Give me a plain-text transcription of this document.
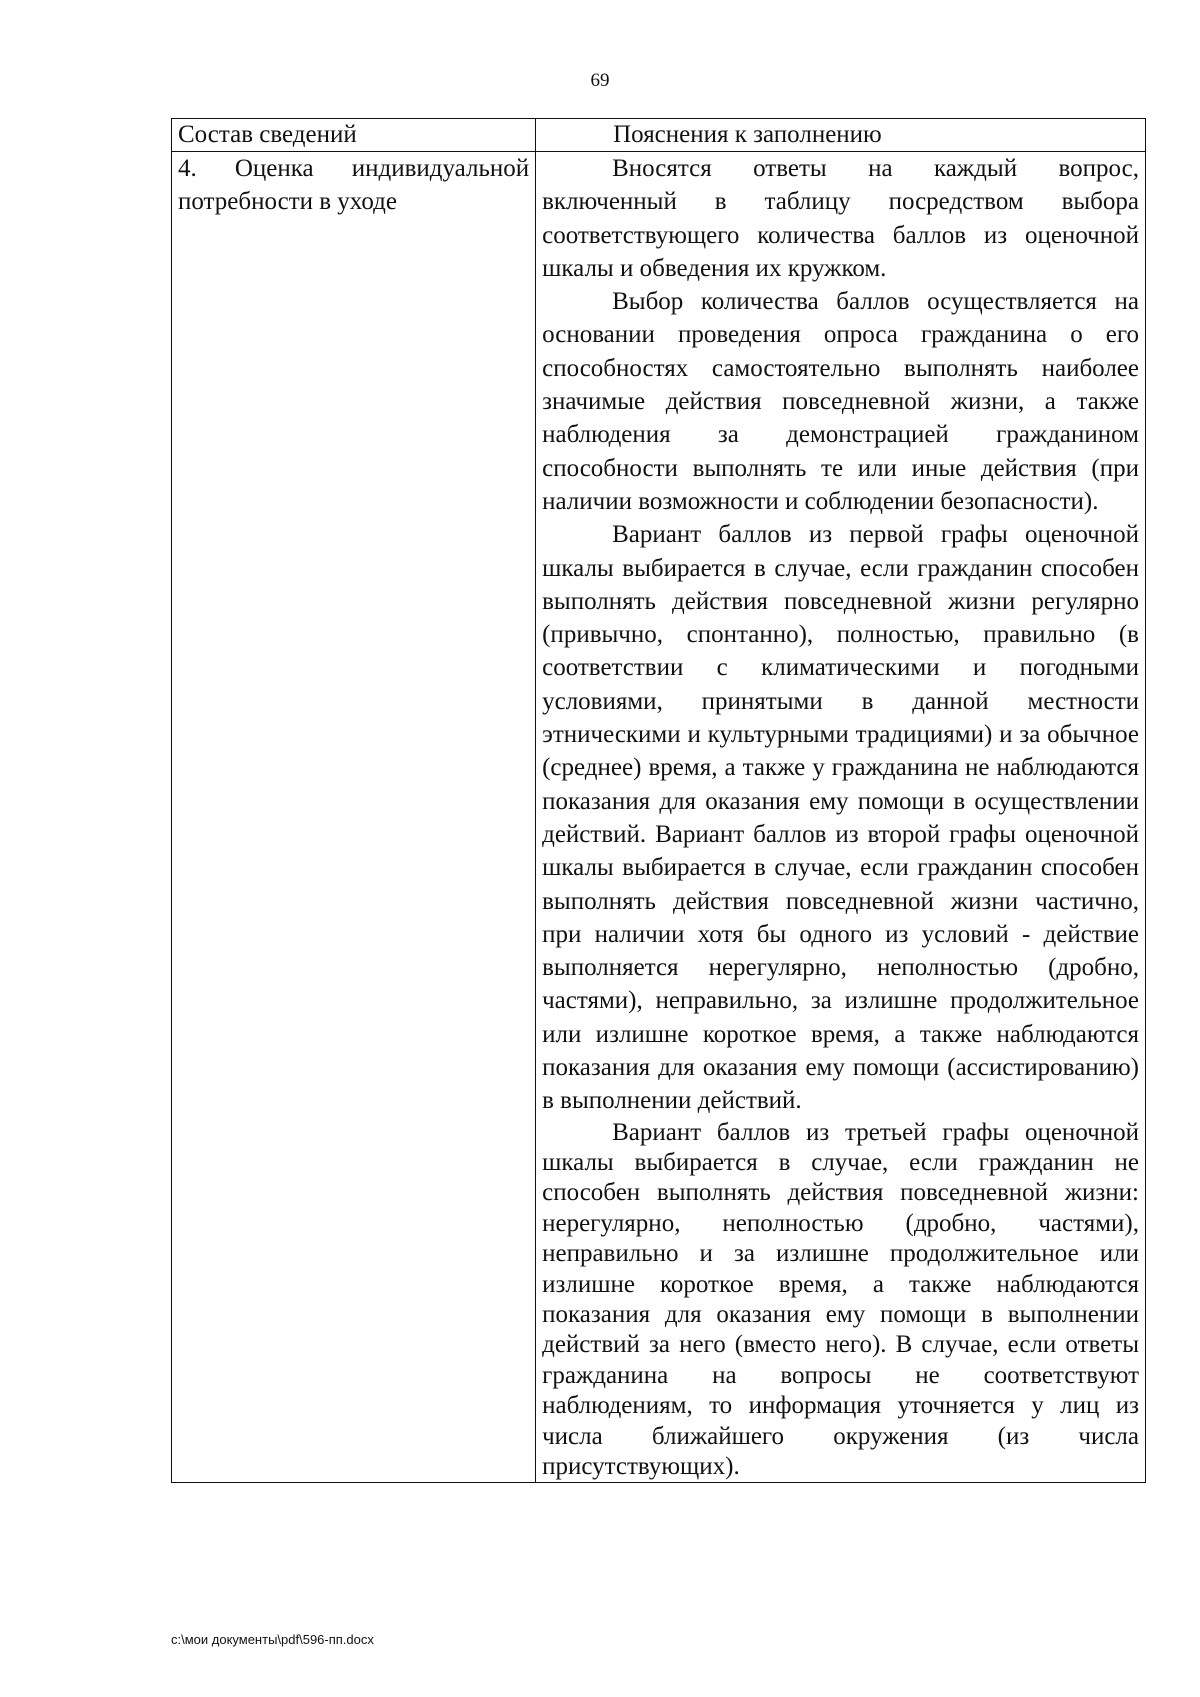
69
Состав сведений	Пояснения к заполнению

4. Оценка индивидуальной потребности в уходе	Вносятся ответы на каждый вопрос, включенный в таблицу посредством выбора соответствующего количества баллов из оценочной шкалы и обведения их кружком.

Выбор количества баллов осуществляется на основании проведения опроса гражданина о его способностях самостоятельно выполнять наиболее значимые действия повседневной жизни, а также наблюдения за демонстрацией гражданином способности выполнять те или иные действия (при наличии возможности и соблюдении безопасности).

Вариант баллов из первой графы оценочной шкалы выбирается в случае, если гражданин способен выполнять действия повседневной жизни регулярно (привычно, спонтанно), полностью, правильно (в соответствии с климатическими и погодными условиями, принятыми в данной местности этническими и культурными традициями) и за обычное (среднее) время, а также у гражданина не наблюдаются показания для оказания ему помощи в осуществлении действий. Вариант баллов из второй графы оценочной шкалы выбирается в случае, если гражданин способен выполнять действия повседневной жизни частично, при наличии хотя бы одного из условий - действие выполняется нерегулярно, неполностью (дробно, частями), неправильно, за излишне продолжительное или излишне короткое время, а также наблюдаются показания для оказания ему помощи (ассистированию) в выполнении действий.

Вариант баллов из третьей графы оценочной шкалы выбирается в случае, если гражданин не способен выполнять действия повседневной жизни: нерегулярно, неполностью (дробно, частями), неправильно и за излишне продолжительное или излишне короткое время, а также наблюдаются показания для оказания ему помощи в выполнении действий за него (вместо него). В случае, если ответы гражданина на вопросы не соответствуют наблюдениям, то информация уточняется у лиц из числа ближайшего окружения (из числа присутствующих).

c:\мои документы\pdf\596-пп.docx
